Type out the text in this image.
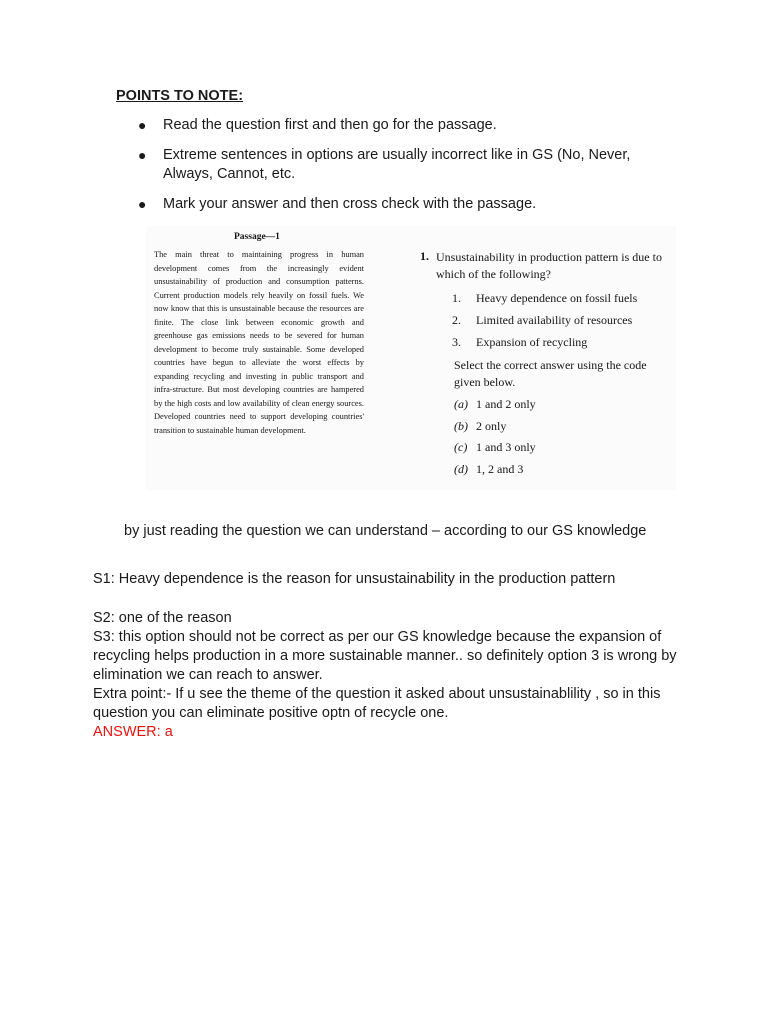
POINTS TO NOTE:
● Read the question first and then go for the passage.
● Extreme sentences in options are usually incorrect like in GS (No, Never, Always, Cannot, etc.
● Mark your answer and then cross check with the passage.
Passage—1
The main threat to maintaining progress in human development comes from the increasingly evident unsustainability of production and consumption patterns. Current production models rely heavily on fossil fuels. We now know that this is unsustainable because the resources are finite. The close link between economic growth and greenhouse gas emissions needs to be severed for human development to become truly sustainable. Some developed countries have begun to alleviate the worst effects by expanding recycling and investing in public transport and infra-structure. But most developing countries are hampered by the high costs and low availability of clean energy sources. Developed countries need to support developing countries' transition to sustainable human development.
1. Unsustainability in production pattern is due to which of the following?
1. Heavy dependence on fossil fuels
2. Limited availability of resources
3. Expansion of recycling
Select the correct answer using the code given below.
(a) 1 and 2 only
(b) 2 only
(c) 1 and 3 only
(d) 1, 2 and 3
by just reading the question we can understand – according to our GS knowledge
S1: Heavy dependence is the reason for unsustainability in the production pattern
S2: one of the reason
S3: this option should not be correct as per our GS knowledge because the expansion of recycling helps production in a more sustainable manner.. so definitely option 3 is wrong by elimination we can reach to answer.
Extra point:- If u see the theme of the question it asked about unsustainablility , so in this question you can eliminate positive optn of recycle one.
ANSWER: a
